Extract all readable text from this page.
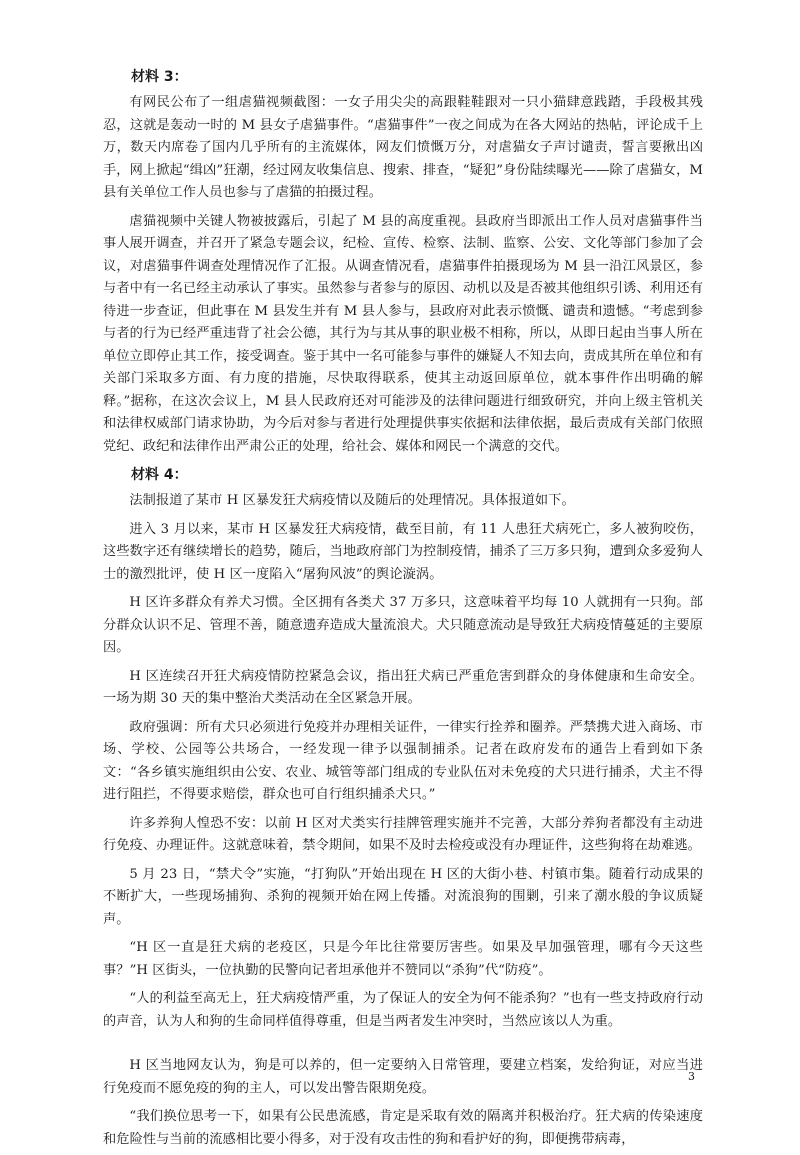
材料 3：

有网民公布了一组虐猫视频截图：一女子用尖尖的高跟鞋鞋跟对一只小猫肆意践踏，手段极其残忍，这就是轰动一时的 M 县女子虐猫事件。“虐猫事件”一夜之间成为在各大网站的热帖，评论成千上万，数天内席卷了国内几乎所有的主流媒体，网友们愤慨万分，对虐猫女子声讨谴责，誓言要揪出凶手，网上掀起“缉凶”狂潮，经过网友收集信息、搜索、排查，“疑犯”身份陆续曝光——除了虐猫女，M 县有关单位工作人员也参与了虐猫的拍摄过程。

虐猫视频中关键人物被披露后，引起了 M 县的高度重视。县政府当即派出工作人员对虐猫事件当事人展开调查，并召开了紧急专题会议，纪检、宣传、检察、法制、监察、公安、文化等部门参加了会议，对虐猫事件调查处理情况作了汇报。从调查情况看，虐猫事件拍摄现场为 M 县一沿江风景区，参与者中有一名已经主动承认了事实。虽然参与者参与的原因、动机以及是否被其他组织引诱、利用还有待进一步查证，但此事在 M 县发生并有 M 县人参与，县政府对此表示愤慨、谴责和遗憾。“考虑到参与者的行为已经严重违背了社会公德，其行为与其从事的职业极不相称，所以，从即日起由当事人所在单位立即停止其工作，接受调查。鉴于其中一名可能参与事件的嫌疑人不知去向，责成其所在单位和有关部门采取多方面、有力度的措施，尽快取得联系，使其主动返回原单位，就本事件作出明确的解释。”据称，在这次会议上，M 县人民政府还对可能涉及的法律问题进行细致研究，并向上级主管机关和法律权威部门请求协助，为今后对参与者进行处理提供事实依据和法律依据，最后责成有关部门依照党纪、政纪和法律作出严肃公正的处理，给社会、媒体和网民一个满意的交代。

材料 4：

法制报道了某市 H 区暴发狂犬病疫情以及随后的处理情况。具体报道如下。

进入 3 月以来，某市 H 区暴发狂犬病疫情，截至目前，有 11 人患狂犬病死亡，多人被狗咬伤，这些数字还有继续增长的趋势，随后，当地政府部门为控制疫情，捕杀了三万多只狗，遭到众多爱狗人士的激烈批评，使 H 区一度陷入“屠狗风波”的舆论漩涡。

H 区许多群众有养犬习惯。全区拥有各类犬 37 万多只，这意味着平均每 10 人就拥有一只狗。部分群众认识不足、管理不善，随意遗弃造成大量流浪犬。犬只随意流动是导致狂犬病疫情蔓延的主要原因。

H 区连续召开狂犬病疫情防控紧急会议，指出狂犬病已严重危害到群众的身体健康和生命安全。一场为期 30 天的集中整治犬类活动在全区紧急开展。

政府强调：所有犬只必须进行免疫并办理相关证件，一律实行拴养和圈养。严禁携犬进入商场、市场、学校、公园等公共场合，一经发现一律予以强制捕杀。记者在政府发布的通告上看到如下条文：“各乡镇实施组织由公安、农业、城管等部门组成的专业队伍对未免疫的犬只进行捕杀，犬主不得进行阻拦，不得要求赔偿，群众也可自行组织捕杀犬只。”

许多养狗人惶恐不安：以前 H 区对犬类实行挂牌管理实施并不完善，大部分养狗者都没有主动进行免疫、办理证件。这就意味着，禁令期间，如果不及时去检疫或没有办理证件，这些狗将在劫难逃。

5 月 23 日，“禁犬令”实施，“打狗队”开始出现在 H 区的大街小巷、村镇市集。随着行动成果的不断扩大，一些现场捕狗、杀狗的视频开始在网上传播。对流浪狗的围剿，引来了潮水般的争议质疑声。

“H 区一直是狂犬病的老疫区，只是今年比往常要厉害些。如果及早加强管理，哪有今天这些事？”H 区街头，一位执勤的民警向记者坦承他并不赞同以“杀狗”代“防疫”。

“人的利益至高无上，狂犬病疫情严重，为了保证人的安全为何不能杀狗？”也有一些支持政府行动的声音，认为人和狗的生命同样值得尊重，但是当两者发生冲突时，当然应该以人为重。

H 区当地网友认为，狗是可以养的，但一定要纳入日常管理，要建立档案，发给狗证，对应当进行免疫而不愿免疫的狗的主人，可以发出警告限期免疫。

“我们换位思考一下，如果有公民患流感，肯定是采取有效的隔离并积极治疗。狂犬病的传染速度和危险性与当前的流感相比要小得多，对于没有攻击性的狗和看护好的狗，即便携带病毒，

3
